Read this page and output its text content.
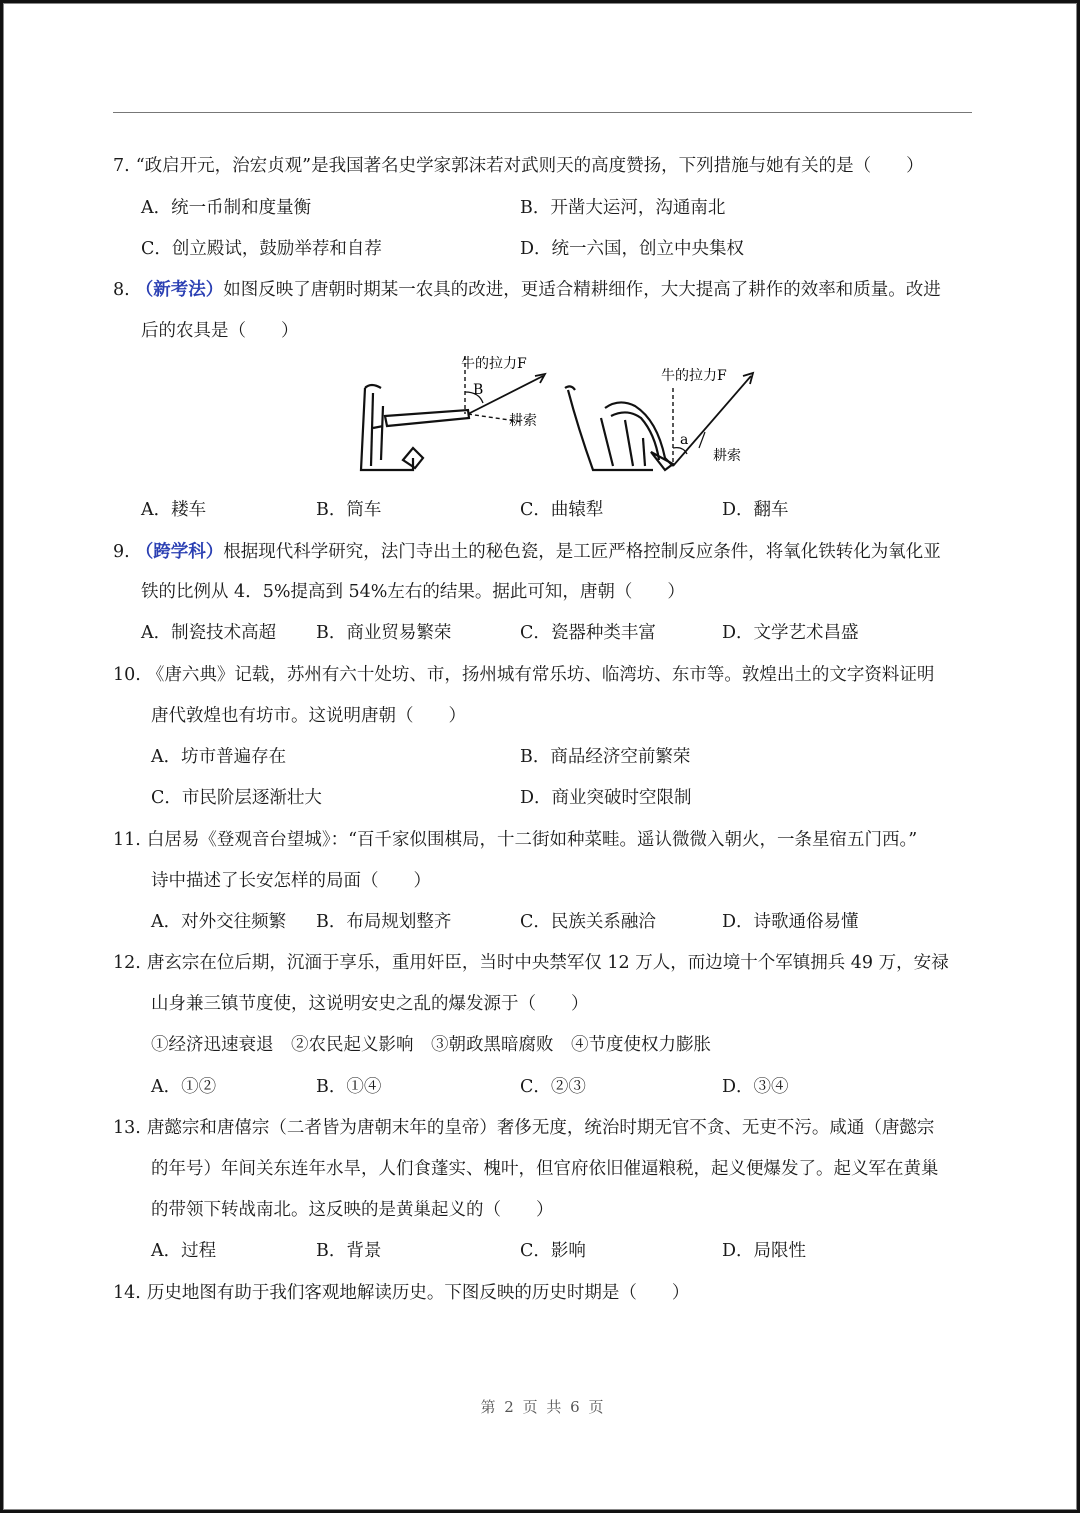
7. “政启开元，治宏贞观”是我国著名史学家郭沫若对武则天的高度赞扬，下列措施与她有关的是（　　）
A．统一币制和度量衡	B．开凿大运河，沟通南北
C．创立殿试，鼓励举荐和自荐	D．统一六国，创立中央集权
8. （新考法）如图反映了唐朝时期某一农具的改进，更适合精耕细作，大大提高了耕作的效率和质量。改进
后的农具是（　　）
牛的拉力F
B
耕索
牛的拉力F
a
耕索
A．耧车	B．筒车	C．曲辕犁	D．翻车
9. （跨学科）根据现代科学研究，法门寺出土的秘色瓷，是工匠严格控制反应条件，将氧化铁转化为氧化亚
铁的比例从 4．5%提高到 54%左右的结果。据此可知，唐朝（　　）
A．制瓷技术高超 B．商业贸易繁荣	C．瓷器种类丰富	D．文学艺术昌盛
10. 《唐六典》记载，苏州有六十处坊、市，扬州城有常乐坊、临湾坊、东市等。敦煌出土的文字资料证明
唐代敦煌也有坊市。这说明唐朝（　　）
A．坊市普遍存在	B．商品经济空前繁荣
C．市民阶层逐渐壮大	D．商业突破时空限制
11. 白居易《登观音台望城》：“百千家似围棋局，十二街如种菜畦。遥认微微入朝火，一条星宿五门西。”
诗中描述了长安怎样的局面（　　）
A．对外交往频繁 B．布局规划整齐	C．民族关系融洽	D．诗歌通俗易懂
12. 唐玄宗在位后期，沉湎于享乐，重用奸臣，当时中央禁军仅 12 万人，而边境十个军镇拥兵 49 万，安禄
山身兼三镇节度使，这说明安史之乱的爆发源于（　　）
①经济迅速衰退　②农民起义影响　③朝政黑暗腐败　④节度使权力膨胀
A．①②	B．①④	C．②③	D．③④
13. 唐懿宗和唐僖宗（二者皆为唐朝末年的皇帝）奢侈无度，统治时期无官不贪、无吏不污。咸通（唐懿宗
的年号）年间关东连年水旱，人们食蓬实、槐叶，但官府依旧催逼粮税，起义便爆发了。起义军在黄巢
的带领下转战南北。这反映的是黄巢起义的（　　）
A．过程	B．背景	C．影响	D．局限性
14. 历史地图有助于我们客观地解读历史。下图反映的历史时期是（　　）
第 2 页 共 6 页
